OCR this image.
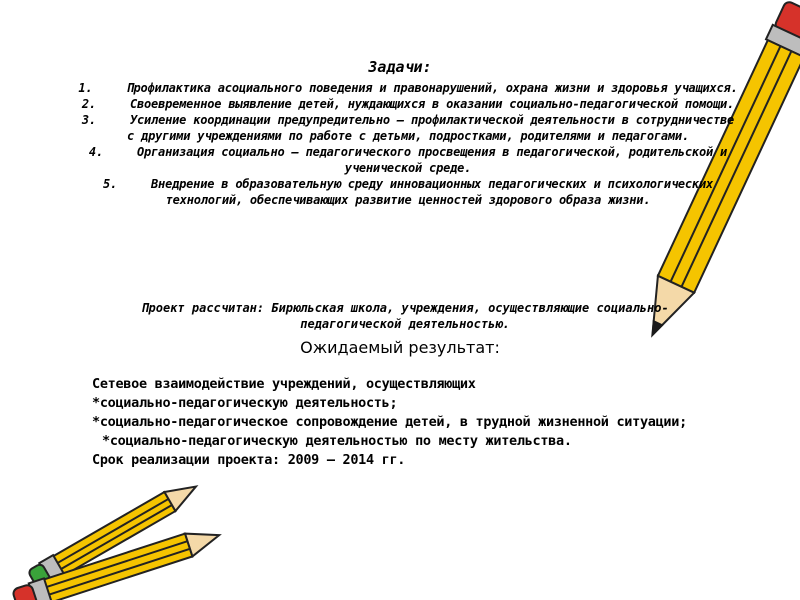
Задачи:
1.	Профилактика асоциального поведения и правонарушений, охрана жизни и здоровья учащихся.
2.	Своевременное выявление детей, нуждающихся в оказании социально-педагогической помощи.
3.	Усиление координации предупредительно – профилактической деятельности в сотрудничестве с другими учреждениями по работе с детьми, подростками, родителями и педагогами.
4.	Организация социально – педагогического просвещения в педагогической, родительской и ученической среде.
5.	Внедрение в образовательную среду инновационных педагогических и психологических технологий, обеспечивающих развитие ценностей здорового образа жизни.
Проект рассчитан: Бирюльская школа, учреждения, осуществляющие социально-педагогической деятельностью.
Ожидаемый результат:
Сетевое взаимодействие учреждений, осуществляющих
*социально-педагогическую деятельность;
*социально-педагогическое сопровождение детей, в трудной жизненной ситуации;
*социально-педагогическую деятельностью по месту жительства.
Срок реализации проекта: 2009 – 2014 гг.
